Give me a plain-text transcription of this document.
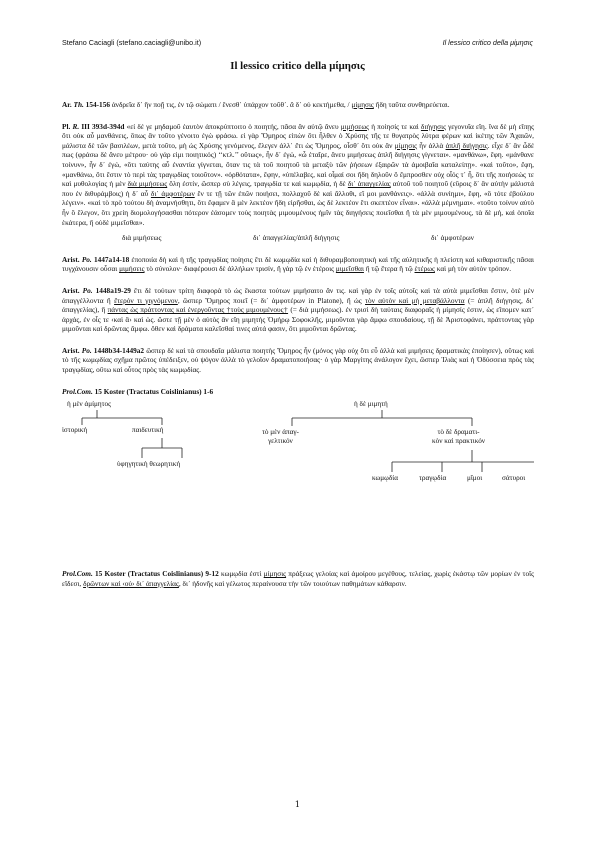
Stefano Caciagli (stefano.caciagli@unibo.it)	Il lessico critico della μίμησις
Il lessico critico della μίμησις

Ar. Th. 154-156 ἀνδρεῖα δ᾽ ἢν ποῇ τις, ἐν τῷ σώματι / ἔνεσθ᾽ ὑπάρχον τοῦθ᾽. ἃ δ᾽ οὐ κεκτήμεθα, / μίμησις ἤδη ταῦτα συνθηρεύεται.

Pl. R. III 393d-394d «εἰ δέ γε μηδαμοῦ ἑαυτὸν ἀποκρύπτοιτο ὁ ποιητής, πᾶσα ἂν αὐτῷ ἄνευ μιμήσεως ἡ ποίησίς τε καὶ διήγησις γεγονυῖα εἴη. ἵνα δὲ μὴ εἴπῃς ὅτι οὐκ αὖ μανθάνεις, ὅπως ἂν τοῦτο γένοιτο ἐγὼ φράσω. εἰ γὰρ Ὅμηρος εἰπὼν ὅτι ἦλθεν ὁ Χρύσης τῆς τε θυγατρὸς λύτρα φέρων καὶ ἱκέτης τῶν Ἀχαιῶν, μάλιστα δὲ τῶν βασιλέων, μετὰ τοῦτο, μὴ ὡς Χρύσης γενόμενος, ἔλεγεν ἀλλ᾽ ἔτι ὡς Ὅμηρος, οἶσθ᾽ ὅτι οὐκ ἂν μίμησις ἦν ἀλλὰ ἁπλῆ διήγησις. εἶχε δ᾽ ἂν ὧδέ πως (φράσω δὲ ἄνευ μέτρου· οὐ γάρ εἰμι ποιητικός) ‘‘κτλ.’’ οὕτως», ἦν δ᾽ ἐγώ, «ὦ ἑταῖρε, ἄνευ μιμήσεως ἁπλῆ διήγησις γίγνεται». «μανθάνω», ἔφη. «μάνθανε τοίνυν», ἦν δ᾽ ἐγώ, «ὅτι ταύτης αὖ ἐναντία γίγνεται, ὅταν τις τὰ τοῦ ποιητοῦ τὰ μεταξὺ τῶν ῥήσεων ἐξαιρῶν τὰ ἀμοιβαῖα καταλείπῃ». «καὶ τοῦτο», ἔφη, «μανθάνω, ὅτι ἔστιν τὸ περὶ τὰς τραγῳδίας τοιοῦτον». «ὀρθότατα», ἔφην, «ὑπέλαβες, καὶ οἶμαί σοι ἤδη δηλοῦν ὃ ἔμπροσθεν οὐχ οἷός τ᾽ ἦ, ὅτι τῆς ποιήσεώς τε καὶ μυθολογίας ἡ μὲν διὰ μιμήσεως ὅλη ἐστίν, ὥσπερ σὺ λέγεις, τραγῳδία τε καὶ κωμῳδία, ἡ δὲ δι᾽ ἀπαγγελίας αὐτοῦ τοῦ ποιητοῦ (εὕροις δ᾽ ἂν αὐτὴν μάλιστά που ἐν διθυράμβοις) ἡ δ᾽ αὖ δι᾽ ἀμφοτέρων ἔν τε τῇ τῶν ἐπῶν ποιήσει, πολλαχοῦ δὲ καὶ ἄλλοθι, εἴ μοι μανθάνεις». «ἀλλὰ συνίημι», ἔφη, «ὃ τότε ἐβούλου λέγειν». «καὶ τὸ πρὸ τούτου δὴ ἀναμνήσθητι, ὅτι ἔφαμεν ἃ μὲν λεκτέον ἤδη εἰρῆσθαι, ὡς δὲ λεκτέον ἔτι σκεπτέον εἶναι». «ἀλλὰ μέμνημαι». «τοῦτο τοίνυν αὐτὸ ἦν ὃ ἔλεγον, ὅτι χρείη διομολογήσασθαι πότερον ἐάσομεν τοὺς ποιητὰς μιμουμένους ἡμῖν τὰς διηγήσεις ποιεῖσθαι ἢ τὰ μὲν μιμουμένους, τὰ δὲ μή, καὶ ὁποῖα ἑκάτερα, ἢ οὐδὲ μιμεῖσθαι».

διὰ μιμήσεως	δι᾽ ἀπαγγελίας/ἁπλῆ διήγησις	δι᾽ ἀμφοτέρων

Arist. Po. 1447a14-18 ἐποποιία δὴ καὶ ἡ τῆς τραγῳδίας ποίησις ἔτι δὲ κωμῳδία καὶ ἡ διθυραμβοποιητικὴ καὶ τῆς αὐλητικῆς ἡ πλείστη καὶ κιθαριστικῆς πᾶσαι τυγχάνουσιν οὖσαι μιμήσεις τὸ σύνολον· διαφέρουσι δὲ ἀλλήλων τρισίν, ἢ γὰρ τῷ ἐν ἑτέροις μιμεῖσθαι ἢ τῷ ἕτερα ἢ τῷ ἑτέρως καὶ μὴ τὸν αὐτὸν τρόπον.

Arist. Po. 1448a19-29 ἔτι δὲ τούτων τρίτη διαφορὰ τὸ ὡς ἕκαστα τούτων μιμήσαιτο ἄν τις. καὶ γὰρ ἐν τοῖς αὐτοῖς καὶ τὰ αὐτὰ μιμεῖσθαι ἔστιν, ὁτὲ μὲν ἀπαγγέλλοντα ἢ ἕτερόν τι γιγνόμενον, ὥσπερ Ὅμηρος ποιεῖ (= δι᾽ ἀμφοτέρων in Platone), ἢ ὡς τὸν αὐτὸν καὶ μὴ μεταβάλλοντα (= ἁπλῆ διήγησις, δι᾽ ἀπαγγελίας), ἢ πάντας ὡς πράττοντας καὶ ἐνεργοῦντας †τοὺς μιμουμένους† (= διὰ μιμήσεως). ἐν τρισὶ δὴ ταύταις διαφοραῖς ἡ μίμησίς ἐστιν, ὡς εἴπομεν κατ᾽ ἀρχάς, ἐν οἷς τε ‹καὶ ἃ› καὶ ὡς. ὥστε τῇ μὲν ὁ αὐτὸς ἂν εἴη μιμητὴς Ὁμήρῳ Σοφοκλῆς, μιμοῦνται γὰρ ἄμφω σπουδαίους, τῇ δὲ Ἀριστοφάνει, πράττοντας γὰρ μιμοῦνται καὶ δρῶντας ἄμφω. ὅθεν καὶ δράματα καλεῖσθαί τινες αὐτά φασιν, ὅτι μιμοῦνται δρῶντας.

Arist. Po. 1448b34-1449a2 ὥσπερ δὲ καὶ τὰ σπουδαῖα μάλιστα ποιητὴς Ὅμηρος ἦν (μόνος γὰρ οὐχ ὅτι εὖ ἀλλὰ καὶ μιμήσεις δραματικὰς ἐποίησεν), οὕτως καὶ τὸ τῆς κωμῳδίας σχῆμα πρῶτος ὑπέδειξεν, οὐ ψόγον ἀλλὰ τὸ γελοῖον δραματοποιήσας· ὁ γὰρ Μαργίτης ἀνάλογον ἔχει, ὥσπερ Ἰλιὰς καὶ ἡ Ὀδύσσεια πρὸς τὰς τραγῳδίας, οὕτω καὶ οὗτος πρὸς τὰς κωμῳδίας.

Prol.Com. 15 Koster (Tractatus Coislinianus) 1-6

ἡ μὲν ἀμίμητος
ἱστορική	παιδευτική
ὑφηγητικὴ θεωρητική
ἡ δὲ μιμητή
τὸ μὲν ἀπαγ-
γελτικόν
τὸ δὲ δραματι-
κὸν καὶ πρακτικόν
κωμῳδία	τραγῳδία	μῖμοι	σάτυροι

Prol.Com. 15 Koster (Tractatus Coislinianus) 9-12 κωμῳδία ἐστὶ μίμησις πράξεως γελοίας καὶ ἀμοίρου μεγέθους, τελείας, χωρὶς ἑκάστῳ τῶν μορίων ἐν τοῖς εἴδεσι, δρῶντων καὶ ‹οὐ› δι᾽ ἀπαγγελίας, δι᾽ ἡδονῆς καὶ γέλωτος περαίνουσα τὴν τῶν τοιούτων παθημάτων κάθαρσιν.

1
